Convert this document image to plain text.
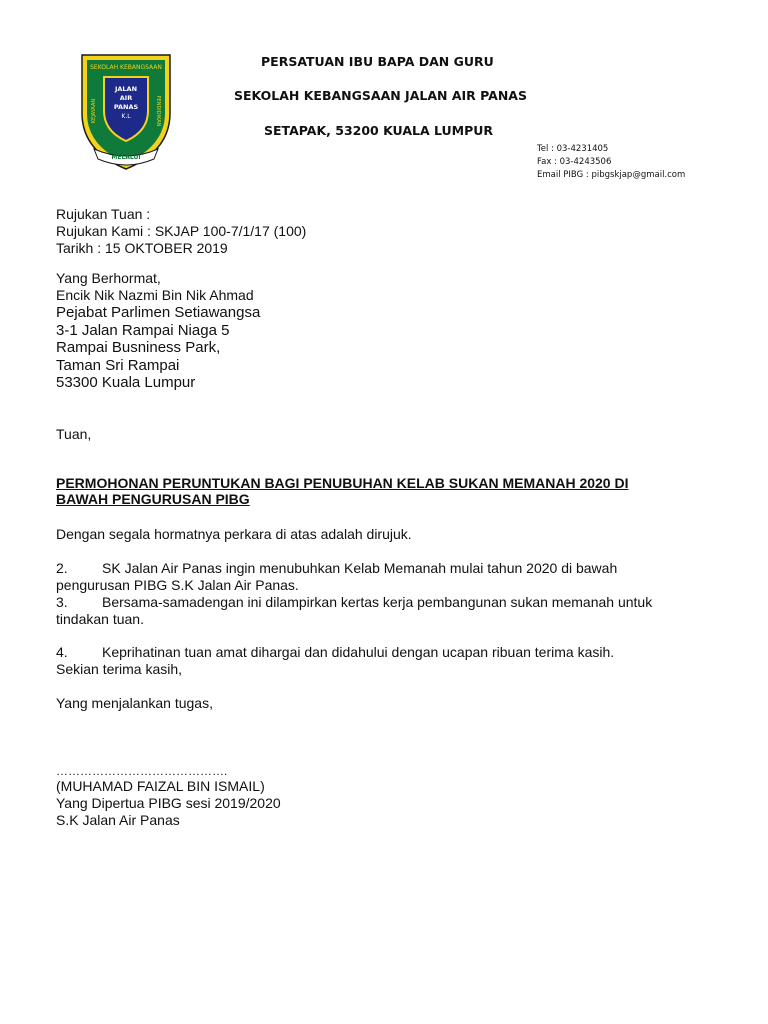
SEKOLAH KEBANGSAAN
JALAN
AIR
PANAS
K.L
KEJAYAAN	PENDIDIKAN
MELALUI
PERSATUAN IBU BAPA DAN GURU
SEKOLAH KEBANGSAAN JALAN AIR PANAS
SETAPAK, 53200 KUALA LUMPUR
Tel : 03-4231405
Fax : 03-4243506
Email PIBG : pibgskjap@gmail.com
Rujukan Tuan :
Rujukan Kami : SKJAP 100-7/1/17 (100)
Tarikh : 15 OKTOBER 2019
Yang Berhormat,
Encik Nik Nazmi Bin Nik Ahmad
Pejabat Parlimen Setiawangsa
3-1 Jalan Rampai Niaga 5
Rampai Busniness Park,
Taman Sri Rampai
53300 Kuala Lumpur
Tuan,
PERMOHONAN PERUNTUKAN BAGI PENUBUHAN KELAB SUKAN MEMANAH 2020 DI
BAWAH PENGURUSAN PIBG
Dengan segala hormatnya perkara di atas adalah dirujuk.
2. SK Jalan Air Panas ingin menubuhkan Kelab Memanah mulai tahun 2020 di bawah
pengurusan PIBG S.K Jalan Air Panas.
3. Bersama-samadengan ini dilampirkan kertas kerja pembangunan sukan memanah untuk
tindakan tuan.
4. Keprihatinan tuan amat dihargai dan didahului dengan ucapan ribuan terima kasih.
Sekian terima kasih,
Yang menjalankan tugas,
…………………………………….
(MUHAMAD FAIZAL BIN ISMAIL)
Yang Dipertua PIBG sesi 2019/2020
S.K Jalan Air Panas
